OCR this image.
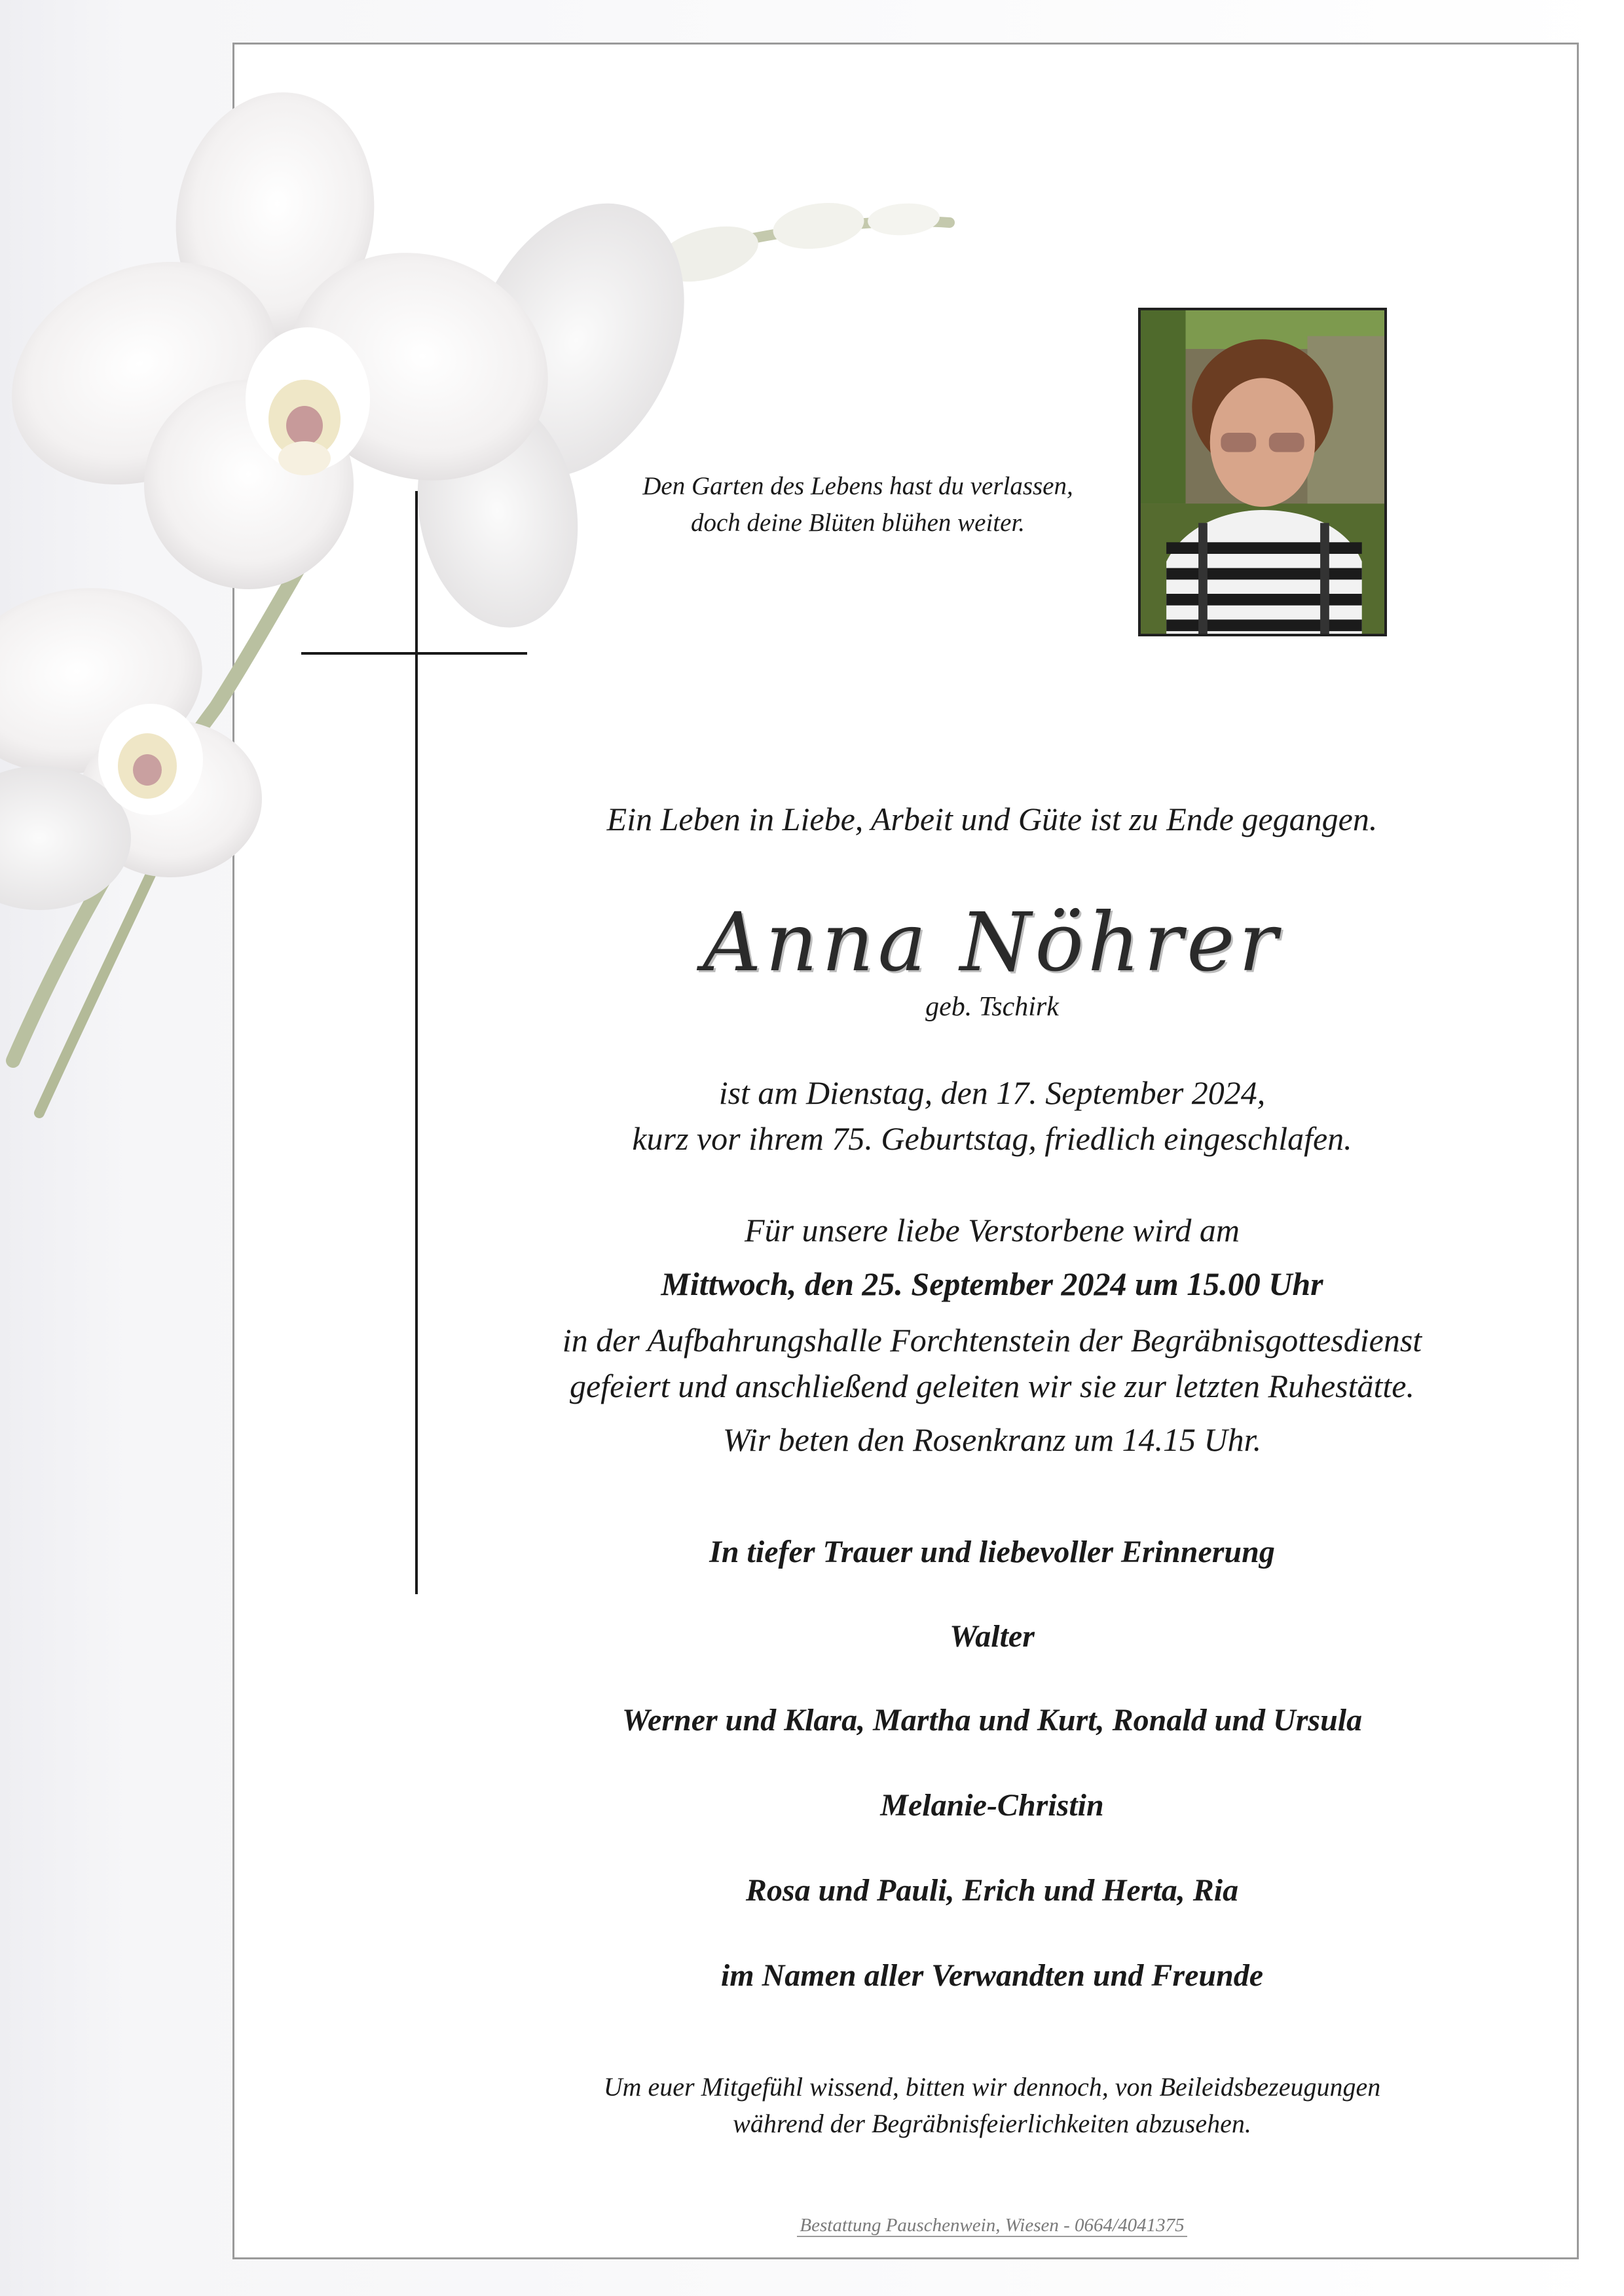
Den Garten des Lebens hast du verlassen,
doch deine Blüten blühen weiter.
Ein Leben in Liebe, Arbeit und Güte ist zu Ende gegangen.
Anna Nöhrer
geb. Tschirk
ist am Dienstag, den 17. September 2024,
kurz vor ihrem 75. Geburtstag, friedlich eingeschlafen.
Für unsere liebe Verstorbene wird am
Mittwoch, den 25. September 2024 um 15.00 Uhr
in der Aufbahrungshalle Forchtenstein der Begräbnisgottesdienst
gefeiert und anschließend geleiten wir sie zur letzten Ruhestätte.
Wir beten den Rosenkranz um 14.15 Uhr.
In tiefer Trauer und liebevoller Erinnerung
Walter
Werner und Klara, Martha und Kurt, Ronald und Ursula
Melanie-Christin
Rosa und Pauli, Erich und Herta, Ria
im Namen aller Verwandten und Freunde
Um euer Mitgefühl wissend, bitten wir dennoch, von Beileidsbezeugungen
während der Begräbnisfeierlichkeiten abzusehen.
Bestattung Pauschenwein, Wiesen - 0664/4041375
